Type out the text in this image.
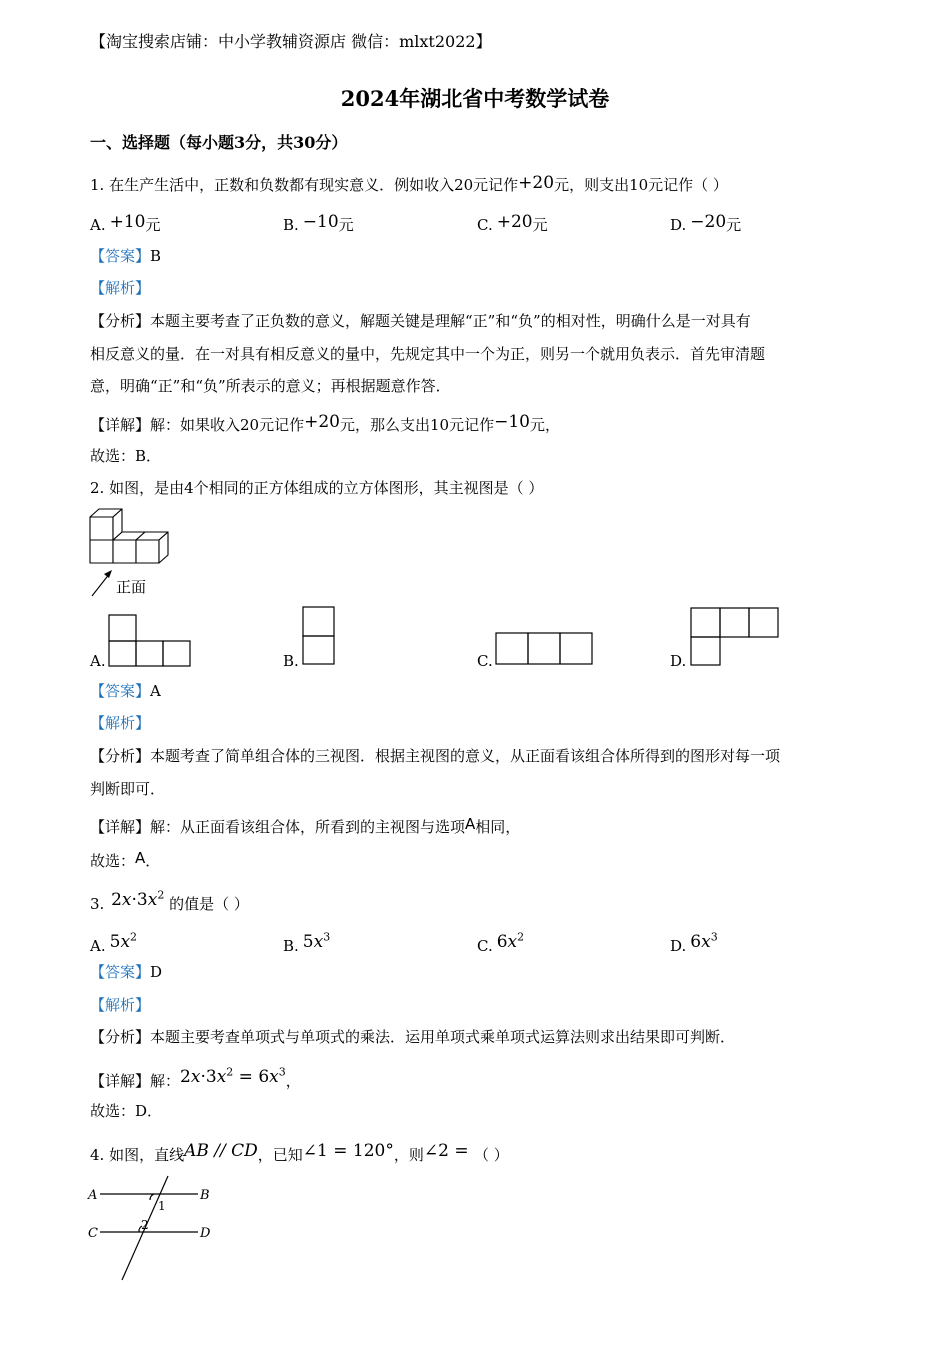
【淘宝搜索店铺：中小学教辅资源店 微信：mlxt2022】
2024年湖北省中考数学试卷
一、选择题（每小题3分，共30分）
1. 在生产生活中，正数和负数都有现实意义．例如收入20元记作+20元，则支出10元记作（ ）
A. +10元	B. −10元	C. +20元	D. −20元
【答案】B
【解析】
【分析】本题主要考查了正负数的意义，解题关键是理解“正”和“负”的相对性，明确什么是一对具有
相反意义的量．在一对具有相反意义的量中，先规定其中一个为正，则另一个就用负表示．首先审清题
意，明确“正”和“负”所表示的意义；再根据题意作答．
【详解】解：如果收入20元记作+20元，那么支出10元记作−10元，
故选：B．
2. 如图，是由4个相同的正方体组成的立方体图形，其主视图是（ ）
正面
A.	B.	C.	D.
【答案】A
【解析】
【分析】本题考查了简单组合体的三视图．根据主视图的意义，从正面看该组合体所得到的图形对每一项
判断即可．
【详解】解：从正面看该组合体，所看到的主视图与选项A相同，
故选：A．
3. $2x\cdot 3x^2$ 的值是（ ）
A. $5x^2$
B. $5x^3$
C. $6x^2$
D. $6x^3$
【答案】D
【解析】
【分析】本题主要考查单项式与单项式的乘法．运用单项式乘单项式运算法则求出结果即可判断．
【详解】解：$2x\cdot 3x^2 = 6x^3$，
故选：D．
4. 如图，直线AB // CD，已知∠1 = 120°，则∠2 = （ ）
A	B
C	D
1
2
